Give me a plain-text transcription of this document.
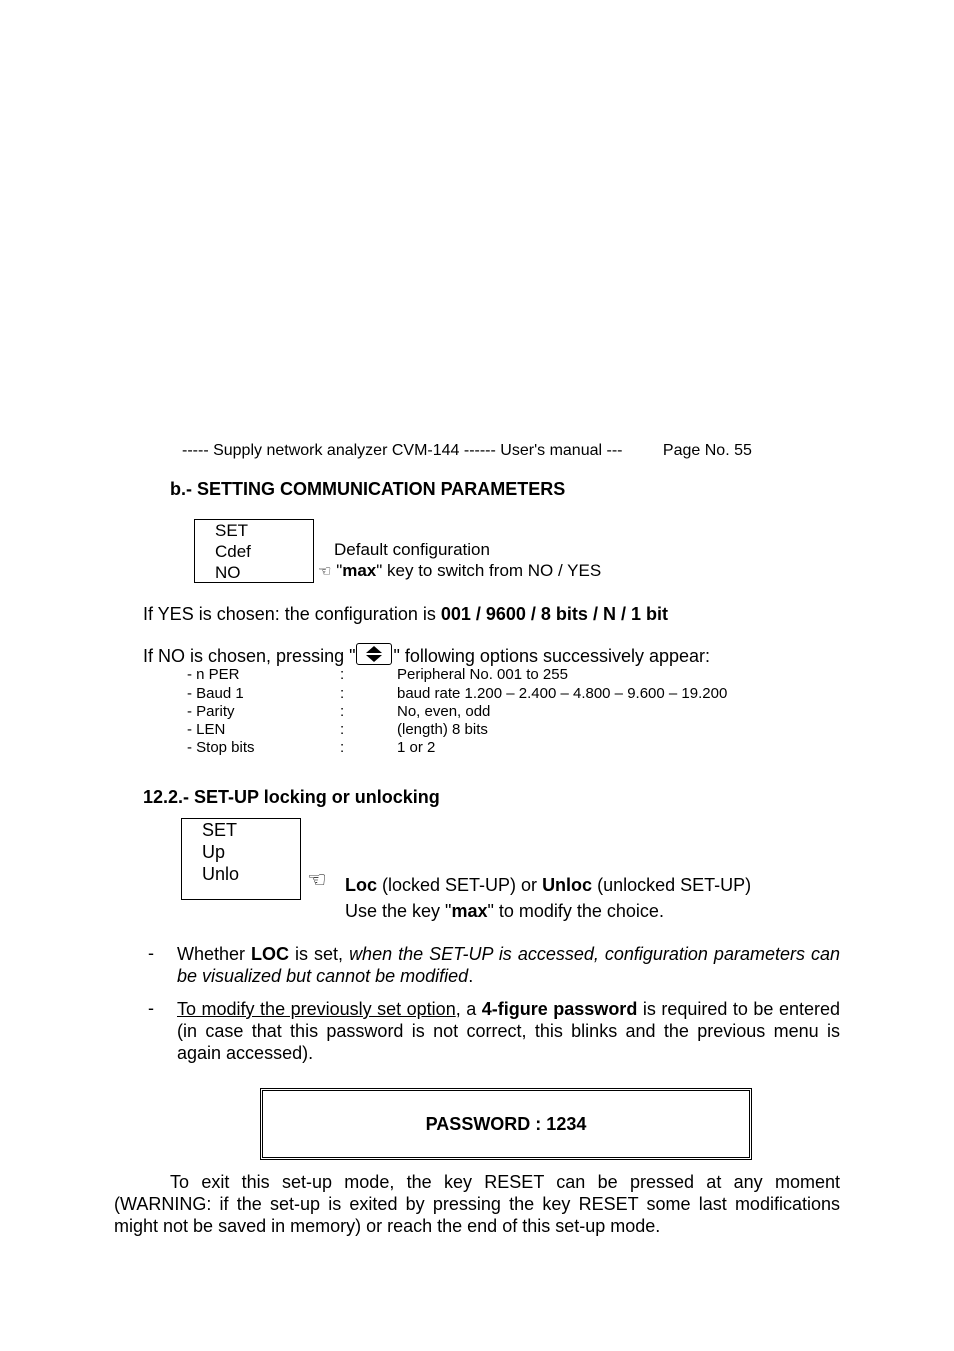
----- Supply network analyzer CVM-144 ------ User's manual ---	Page No. 55
b.- SETTING COMMUNICATION PARAMETERS
SET
Cdef
NO
Default configuration
☜ "max" key to switch from NO / YES
If YES is chosen: the configuration is 001 / 9600 / 8 bits / N / 1 bit
If NO is chosen, pressing " " following options successively appear:
- n PER	:	Peripheral No. 001 to 255
- Baud 1	:	baud rate 1.200 – 2.400 – 4.800 – 9.600 – 19.200
- Parity	:	No, even, odd
- LEN	:	(length) 8 bits
- Stop bits	:	1 or 2
12.2.- SET-UP locking or unlocking
SET
Up
Unlo	☜ Loc (locked SET-UP) or Unloc (unlocked SET-UP)
Use the key "max" to modify the choice.
- Whether LOC is set, when the SET-UP is accessed, configuration parameters can be visualized but cannot be modified.
- To modify the previously set option, a 4-figure password is required to be entered (in case that this password is not correct, this blinks and the previous menu is again accessed).
PASSWORD : 1234
To exit this set-up mode, the key RESET can be pressed at any moment (WARNING: if the set-up is exited by pressing the key RESET some last modifications might not be saved in memory) or reach the end of this set-up mode.
